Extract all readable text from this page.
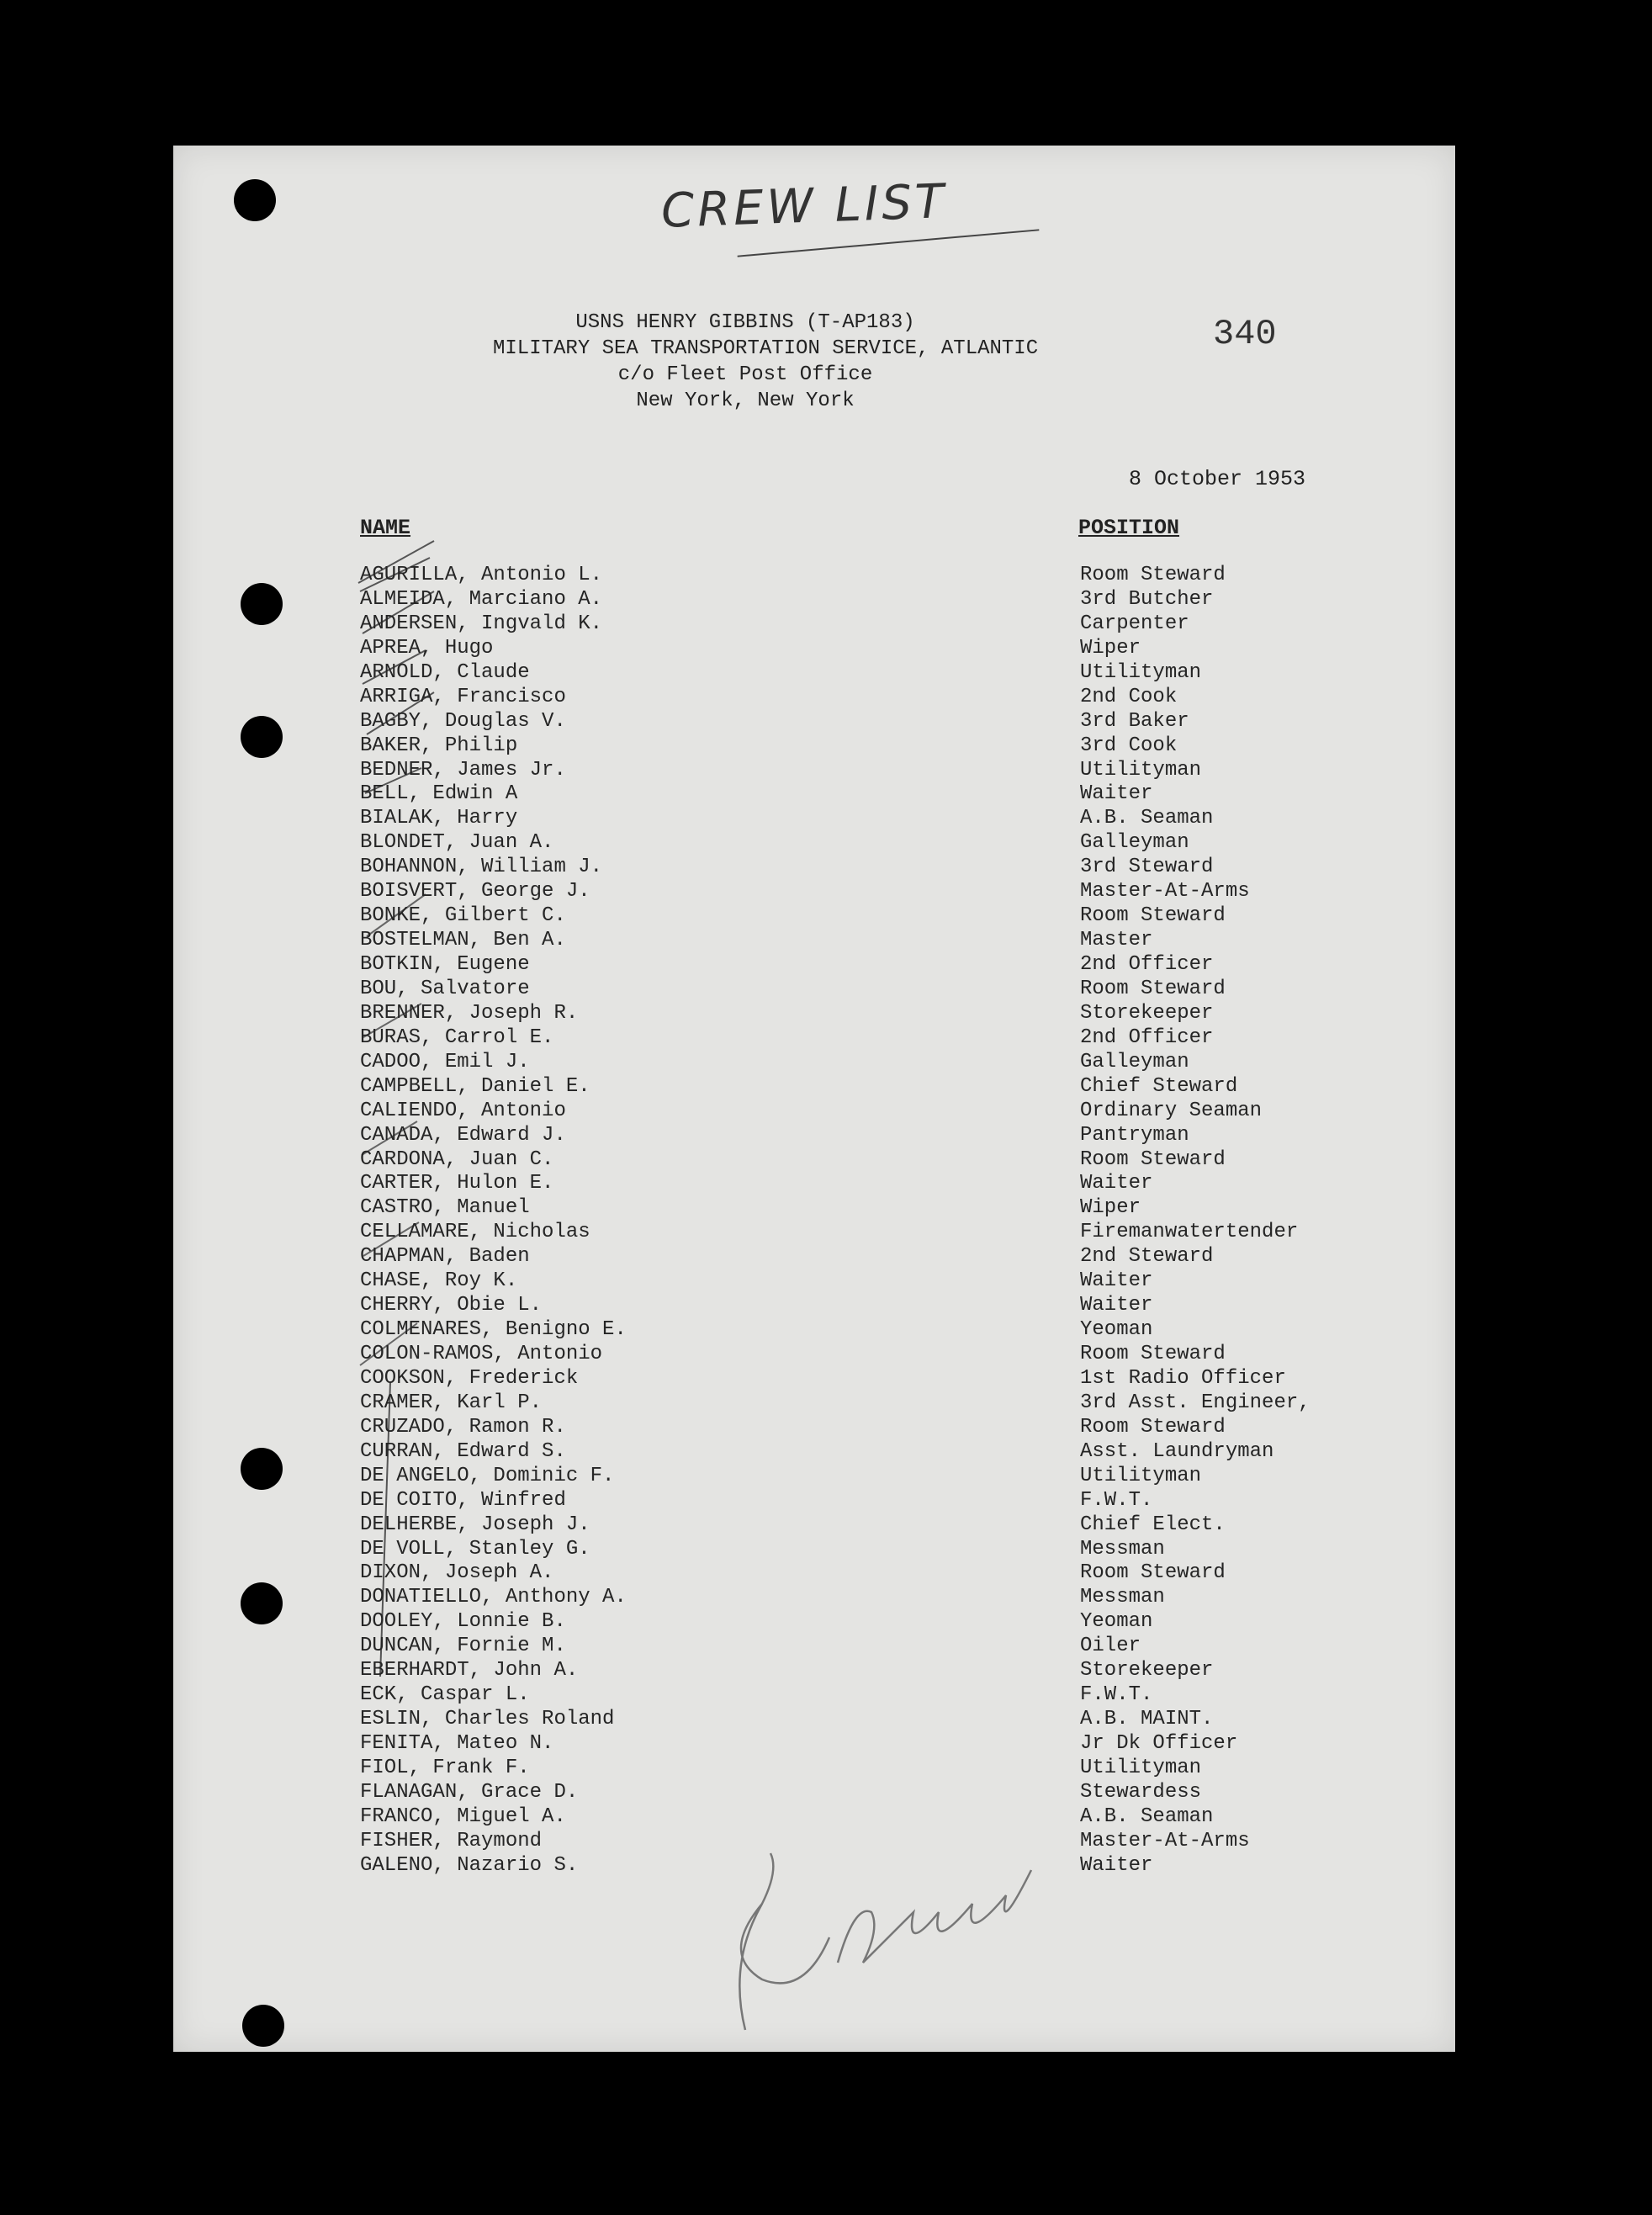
CREW LIST
USNS HENRY GIBBINS (T-AP183)
MILITARY SEA TRANSPORTATION SERVICE, ATLANTIC
c/o Fleet Post Office
New York, New York
340
8 October 1953
NAME	POSITION
AGURILLA, Antonio L.	Room Steward
ALMEIDA, Marciano A.	3rd Butcher
ANDERSEN, Ingvald K.	Carpenter
APREA, Hugo	Wiper
ARNOLD, Claude	Utilityman
ARRIGA, Francisco	2nd Cook
BAGBY, Douglas V.	3rd Baker
BAKER, Philip	3rd Cook
BEDNER, James Jr.	Utilityman
BELL, Edwin A	Waiter
BIALAK, Harry	A.B. Seaman
BLONDET, Juan A.	Galleyman
BOHANNON, William J.	3rd Steward
BOISVERT, George J.	Master-At-Arms
BONKE, Gilbert C.	Room Steward
BOSTELMAN, Ben A.	Master
BOTKIN, Eugene	2nd Officer
BOU, Salvatore	Room Steward
BRENNER, Joseph R.	Storekeeper
BURAS, Carrol E.	2nd Officer
CADOO, Emil J.	Galleyman
CAMPBELL, Daniel E.	Chief Steward
CALIENDO, Antonio	Ordinary Seaman
CANADA, Edward J.	Pantryman
CARDONA, Juan C.	Room Steward
CARTER, Hulon E.	Waiter
CASTRO, Manuel	Wiper
CELLAMARE, Nicholas	Firemanwatertender
CHAPMAN, Baden	2nd Steward
CHASE, Roy K.	Waiter
CHERRY, Obie L.	Waiter
COLMENARES, Benigno E.	Yeoman
COLON-RAMOS, Antonio	Room Steward
COOKSON, Frederick	1st Radio Officer
CRAMER, Karl P.	3rd Asst. Engineer,
CRUZADO, Ramon R.	Room Steward
CURRAN, Edward S.	Asst. Laundryman
DE ANGELO, Dominic F.	Utilityman
DE COITO, Winfred	F.W.T.
DELHERBE, Joseph J.	Chief Elect.
DE VOLL, Stanley G.	Messman
DIXON, Joseph A.	Room Steward
DONATIELLO, Anthony A.	Messman
DOOLEY, Lonnie B.	Yeoman
DUNCAN, Fornie M.	Oiler
EBERHARDT, John A.	Storekeeper
ECK, Caspar L.	F.W.T.
ESLIN, Charles Roland	A.B. MAINT.
FENITA, Mateo N.	Jr Dk Officer
FIOL, Frank F.	Utilityman
FLANAGAN, Grace D.	Stewardess
FRANCO, Miguel A.	A.B. Seaman
FISHER, Raymond	Master-At-Arms
GALENO, Nazario S.	Waiter
